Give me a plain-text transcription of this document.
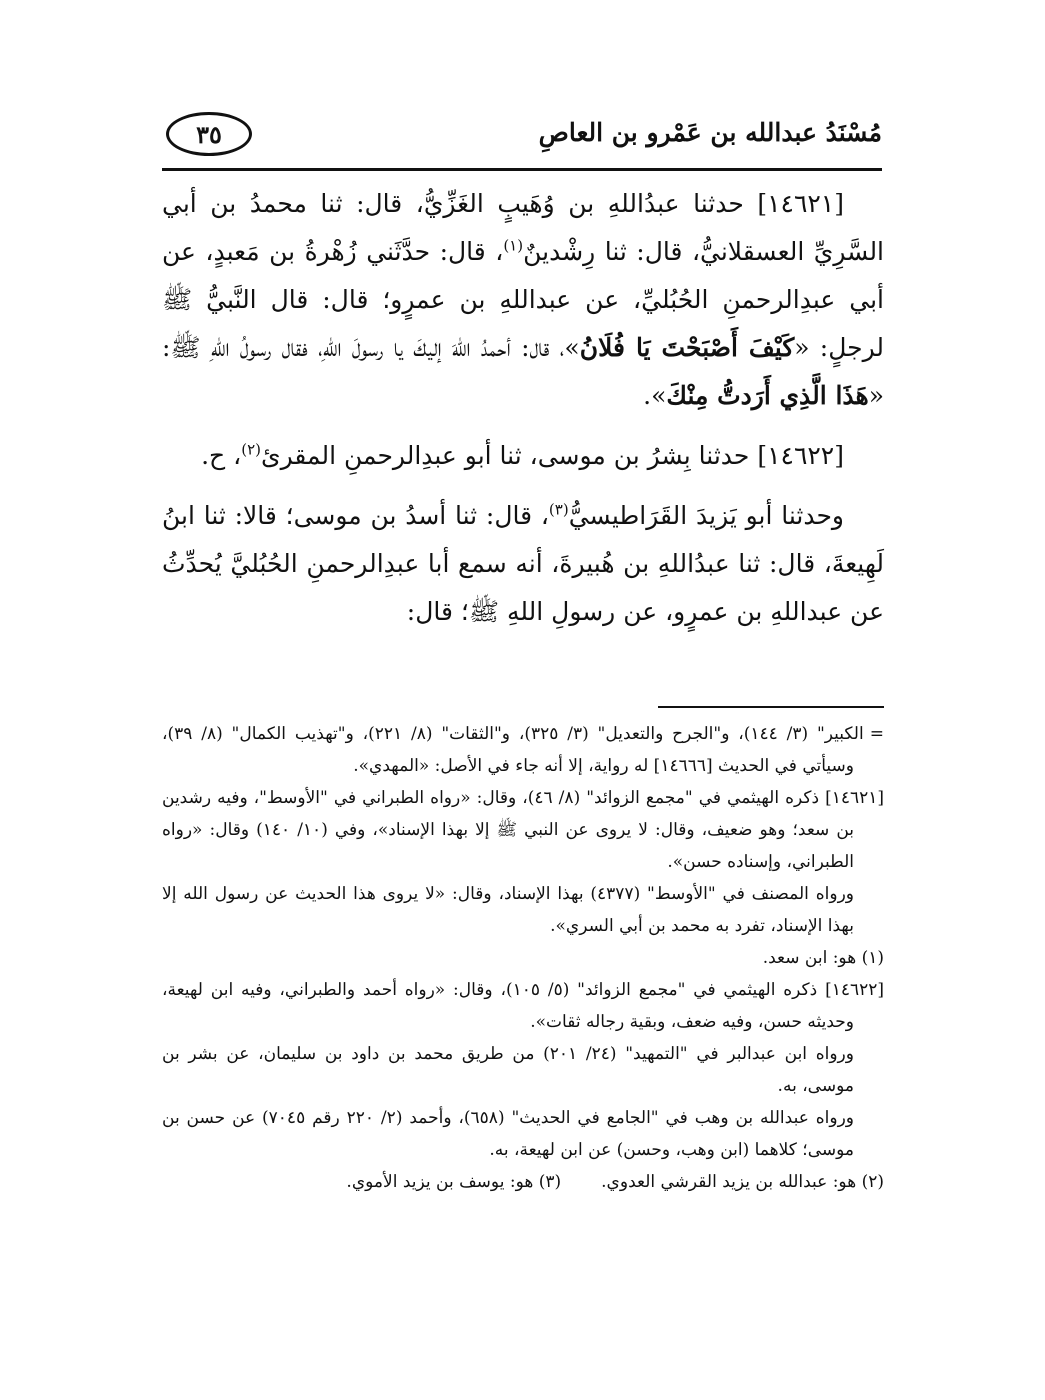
٣٥	مُسْنَدُ عبدالله بن عَمْرو بن العاصِ

[١٤٦٢١] حدثنا عبدُاللهِ بن وُهَيبٍ الغَزِّيُّ، قال: ثنا محمدُ بن أبي السَّرِيِّ العسقلانيُّ، قال: ثنا رِشْدينٌ$^{(١)}$، قال: حدَّثَني زُهْرةُ بن مَعبدٍ، عن أبي عبدِالرحمنِ الحُبُليِّ، عن عبداللهِ بن عمرٍو؛ قال: قال النَّبيُّ ﷺ لرجلٍ: «كَيْفَ أَصْبَحْتَ يَا فُلَانُ»، قال: أحمدُ اللهَ إليكَ يا رسولَ اللهِ، فقال رسولُ اللهِ ﷺ: «هَذَا الَّذِي أَرَدتُّ مِنْكَ».

[١٤٦٢٢] حدثنا بِشرُ بن موسى، ثنا أبو عبدِالرحمنِ المقرئ$^{(٢)}$، ح.

وحدثنا أبو يَزيدَ القَرَاطيسيُّ$^{(٣)}$، قال: ثنا أسدُ بن موسى؛ قالا: ثنا ابنُ لَهِيعةَ، قال: ثنا عبدُاللهِ بن هُبيرةَ، أنه سمع أبا عبدِالرحمنِ الحُبُليَّ يُحدِّثُ عن عبداللهِ بن عمرٍو، عن رسولِ اللهِ ﷺ؛ قال:

=الكبير" (٣/ ١٤٤)، و"الجرح والتعديل" (٣/ ٣٢٥)، و"الثقات" (٨/ ٢٢١)، و"تهذيب الكمال" (٨/ ٣٩)، وسيأتي في الحديث [١٤٦٦٦] له رواية، إلا أنه جاء في الأصل: «المهدي».

[١٤٦٢١] ذكره الهيثمي في "مجمع الزوائد" (٨/ ٤٦)، وقال: «رواه الطبراني في "الأوسط"، وفيه رشدين بن سعد؛ وهو ضعيف، وقال: لا يروى عن النبي ﷺ إلا بهذا الإسناد»، وفي (١٠/ ١٤٠) وقال: «رواه الطبراني، وإسناده حسن».

ورواه المصنف في "الأوسط" (٤٣٧٧) بهذا الإسناد، وقال: «لا يروى هذا الحديث عن رسول الله إلا بهذا الإسناد، تفرد به محمد بن أبي السري».

(١) هو: ابن سعد.

[١٤٦٢٢] ذكره الهيثمي في "مجمع الزوائد" (٥/ ١٠٥)، وقال: «رواه أحمد والطبراني، وفيه ابن لهيعة، وحديثه حسن، وفيه ضعف، وبقية رجاله ثقات».

ورواه ابن عبدالبر في "التمهيد" (٢٤/ ٢٠١) من طريق محمد بن داود بن سليمان، عن بشر بن موسى، به.

ورواه عبدالله بن وهب في "الجامع في الحديث" (٦٥٨)، وأحمد (٢/ ٢٢٠ رقم ٧٠٤٥) عن حسن بن موسى؛ كلاهما (ابن وهب، وحسن) عن ابن لهيعة، به.

(٢) هو: عبدالله بن يزيد القرشي العدوي.

(٣) هو: يوسف بن يزيد الأموي.
